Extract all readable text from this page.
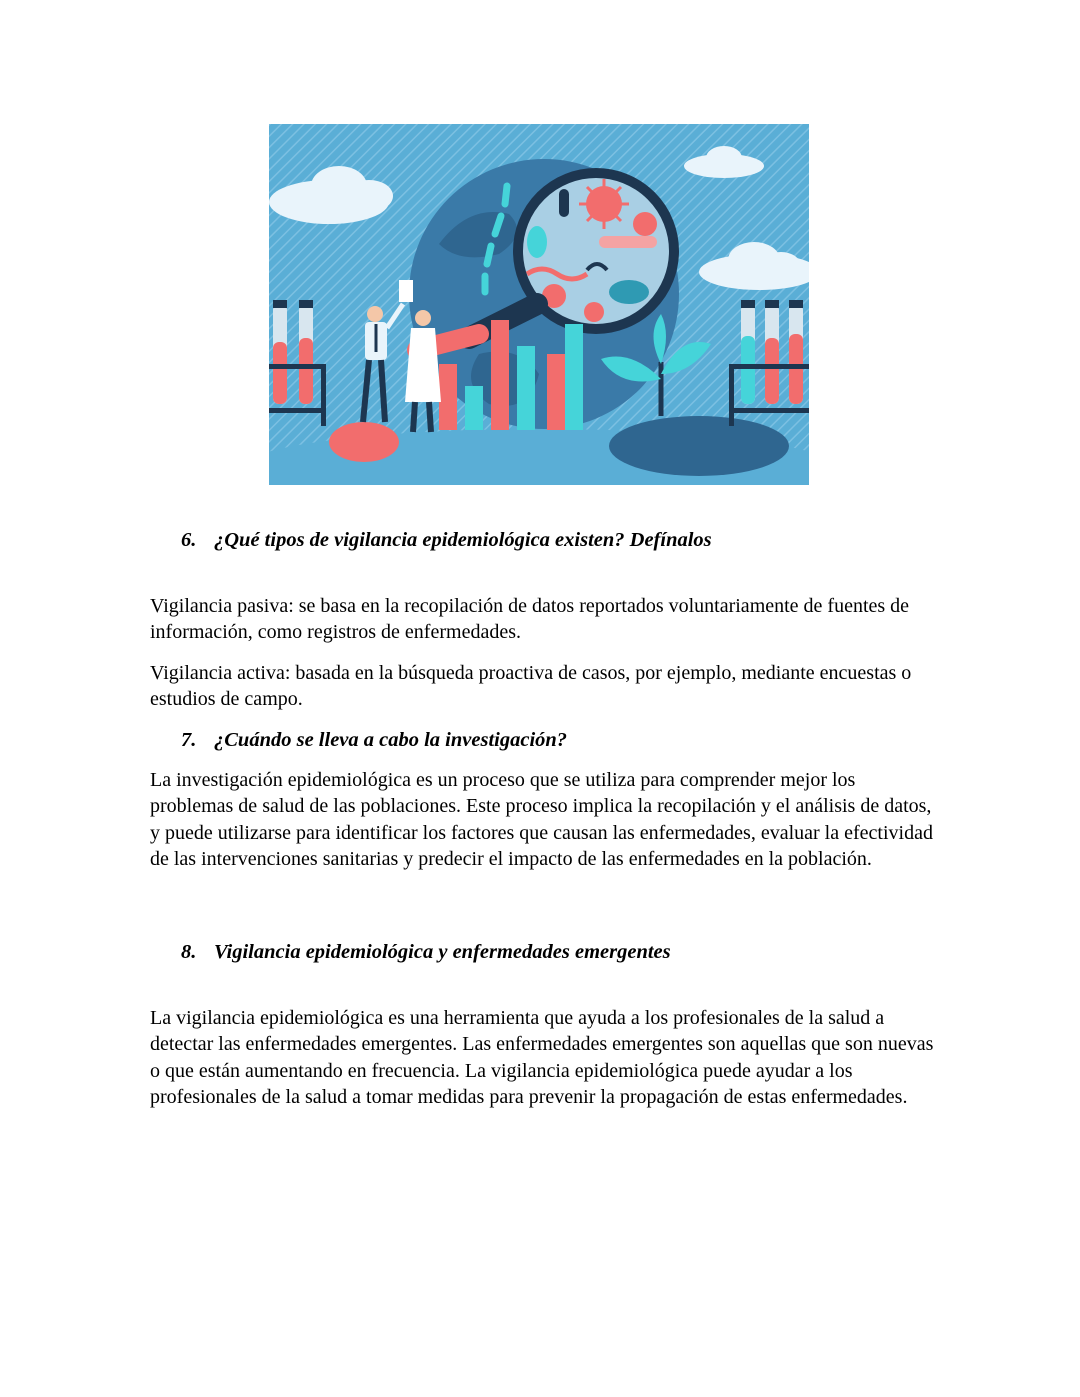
6. ¿Qué tipos de vigilancia epidemiológica existen? Defínalos

Vigilancia pasiva: se basa en la recopilación de datos reportados voluntariamente de fuentes de información, como registros de enfermedades.

Vigilancia activa: basada en la búsqueda proactiva de casos, por ejemplo, mediante encuestas o estudios de campo.

7. ¿Cuándo se lleva a cabo la investigación?

La investigación epidemiológica es un proceso que se utiliza para comprender mejor los problemas de salud de las poblaciones. Este proceso implica la recopilación y el análisis de datos, y puede utilizarse para identificar los factores que causan las enfermedades, evaluar la efectividad de las intervenciones sanitarias y predecir el impacto de las enfermedades en la población.

8. Vigilancia epidemiológica y enfermedades emergentes

La vigilancia epidemiológica es una herramienta que ayuda a los profesionales de la salud a detectar las enfermedades emergentes. Las enfermedades emergentes son aquellas que son nuevas o que están aumentando en frecuencia. La vigilancia epidemiológica puede ayudar a los profesionales de la salud a tomar medidas para prevenir la propagación de estas enfermedades.
